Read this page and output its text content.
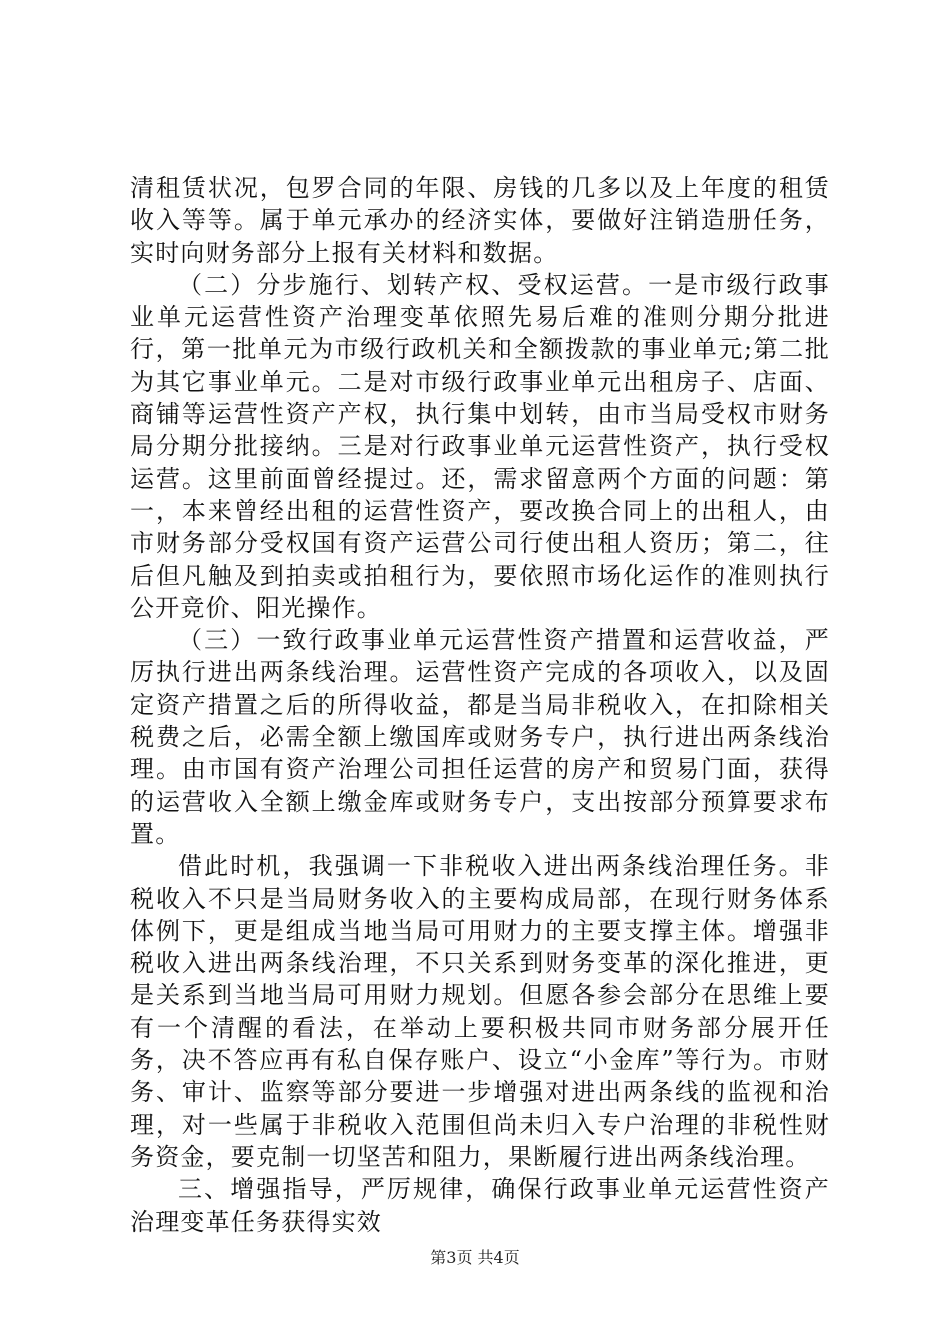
清租赁状况，包罗合同的年限、房钱的几多以及上年度的租赁收入等等。属于单元承办的经济实体，要做好注销造册任务，实时向财务部分上报有关材料和数据。

（二）分步施行、划转产权、受权运营。一是市级行政事业单元运营性资产治理变革依照先易后难的准则分期分批进行，第一批单元为市级行政机关和全额拨款的事业单元;第二批为其它事业单元。二是对市级行政事业单元出租房子、店面、商铺等运营性资产产权，执行集中划转，由市当局受权市财务局分期分批接纳。三是对行政事业单元运营性资产，执行受权运营。这里前面曾经提过。还，需求留意两个方面的问题：第一，本来曾经出租的运营性资产，要改换合同上的出租人，由市财务部分受权国有资产运营公司行使出租人资历；第二，往后但凡触及到拍卖或拍租行为，要依照市场化运作的准则执行公开竞价、阳光操作。

（三）一致行政事业单元运营性资产措置和运营收益，严厉执行进出两条线治理。运营性资产完成的各项收入，以及固定资产措置之后的所得收益，都是当局非税收入，在扣除相关税费之后，必需全额上缴国库或财务专户，执行进出两条线治理。由市国有资产治理公司担任运营的房产和贸易门面，获得的运营收入全额上缴金库或财务专户，支出按部分预算要求布置。

借此时机，我强调一下非税收入进出两条线治理任务。非税收入不只是当局财务收入的主要构成局部，在现行财务体系体例下，更是组成当地当局可用财力的主要支撑主体。增强非税收入进出两条线治理，不只关系到财务变革的深化推进，更是关系到当地当局可用财力规划。但愿各参会部分在思维上要有一个清醒的看法，在举动上要积极共同市财务部分展开任务，决不答应再有私自保存账户、设立“小金库”等行为。市财务、审计、监察等部分要进一步增强对进出两条线的监视和治理，对一些属于非税收入范围但尚未归入专户治理的非税性财务资金，要克制一切坚苦和阻力，果断履行进出两条线治理。

三、增强指导，严厉规律，确保行政事业单元运营性资产治理变革任务获得实效

第3页 共4页
